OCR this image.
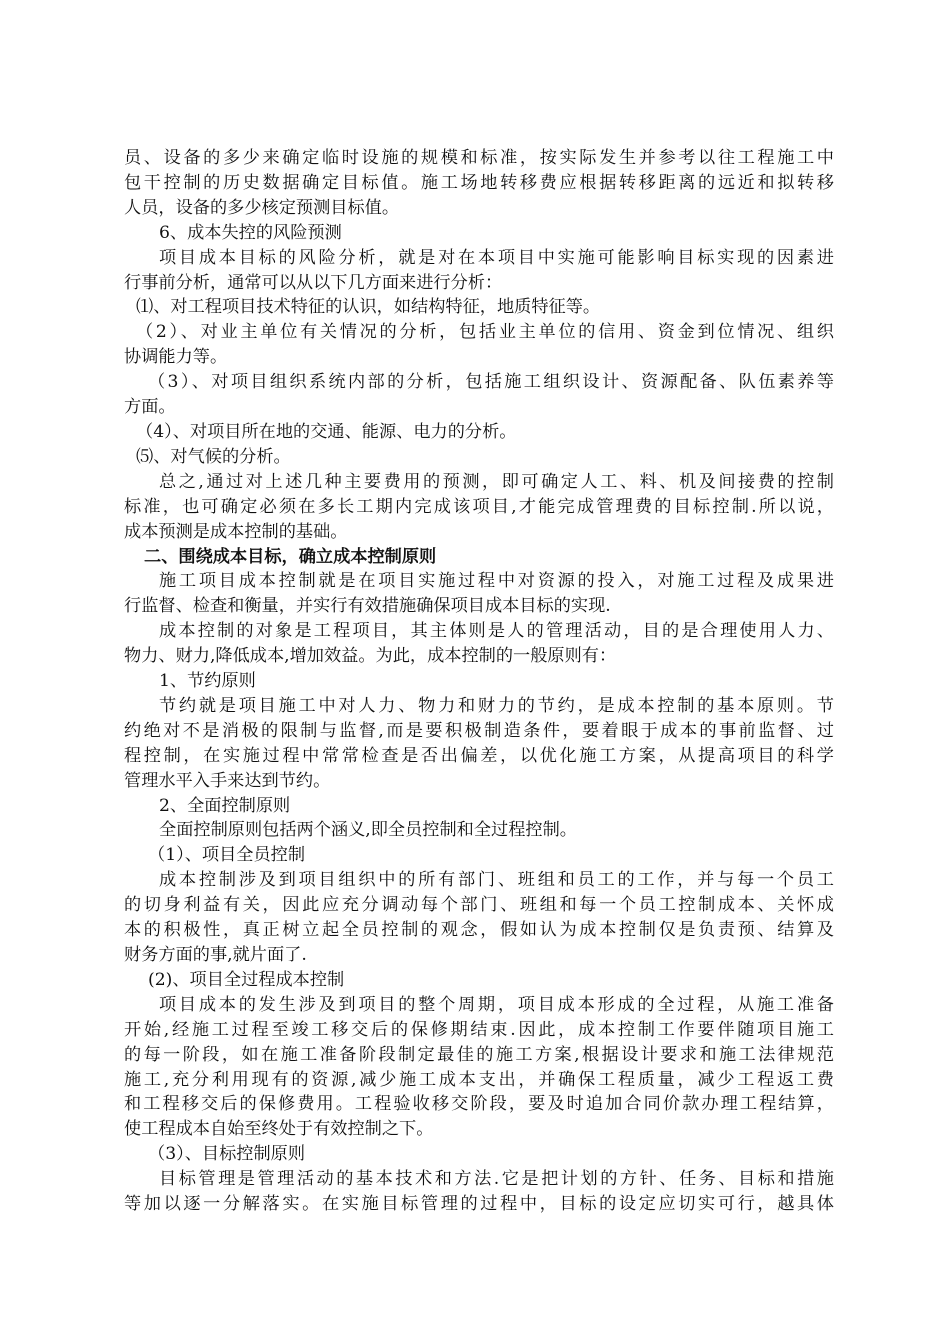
员、设备的多少来确定临时设施的规模和标准，按实际发生并参考以往工程施工中
包干控制的历史数据确定目标值。施工场地转移费应根据转移距离的远近和拟转移
人员，设备的多少核定预测目标值。
6、成本失控的风险预测
项目成本目标的风险分析，就是对在本项目中实施可能影响目标实现的因素进
行事前分析，通常可以从以下几方面来进行分析：
⑴、对工程项目技术特征的认识，如结构特征，地质特征等。
（2）、对业主单位有关情况的分析，包括业主单位的信用、资金到位情况、组织
协调能力等。
（3）、对项目组织系统内部的分析，包括施工组织设计、资源配备、队伍素养等
方面。
（4）、对项目所在地的交通、能源、电力的分析。
⑸、对气候的分析。
总之,通过对上述几种主要费用的预测，即可确定人工、料、机及间接费的控制
标准，也可确定必须在多长工期内完成该项目,才能完成管理费的目标控制.所以说，
成本预测是成本控制的基础。
二、围绕成本目标，确立成本控制原则
施工项目成本控制就是在项目实施过程中对资源的投入，对施工过程及成果进
行监督、检查和衡量，并实行有效措施确保项目成本目标的实现.
成本控制的对象是工程项目，其主体则是人的管理活动，目的是合理使用人力、
物力、财力,降低成本,增加效益。为此，成本控制的一般原则有：
1、节约原则
节约就是项目施工中对人力、物力和财力的节约，是成本控制的基本原则。节
约绝对不是消极的限制与监督,而是要积极制造条件，要着眼于成本的事前监督、过
程控制，在实施过程中常常检查是否出偏差，以优化施工方案，从提高项目的科学
管理水平入手来达到节约。
2、全面控制原则
全面控制原则包括两个涵义,即全员控制和全过程控制。
（1）、项目全员控制
成本控制涉及到项目组织中的所有部门、班组和员工的工作，并与每一个员工
的切身利益有关，因此应充分调动每个部门、班组和每一个员工控制成本、关怀成
本的积极性，真正树立起全员控制的观念，假如认为成本控制仅是负责预、结算及
财务方面的事,就片面了.
(2)、项目全过程成本控制
项目成本的发生涉及到项目的整个周期，项目成本形成的全过程，从施工准备
开始,经施工过程至竣工移交后的保修期结束.因此，成本控制工作要伴随项目施工
的每一阶段，如在施工准备阶段制定最佳的施工方案,根据设计要求和施工法律规范
施工,充分利用现有的资源,减少施工成本支出，并确保工程质量，减少工程返工费
和工程移交后的保修费用。工程验收移交阶段，要及时追加合同价款办理工程结算，
使工程成本自始至终处于有效控制之下。
（3）、目标控制原则
目标管理是管理活动的基本技术和方法.它是把计划的方针、任务、目标和措施
等加以逐一分解落实。在实施目标管理的过程中，目标的设定应切实可行，越具体
